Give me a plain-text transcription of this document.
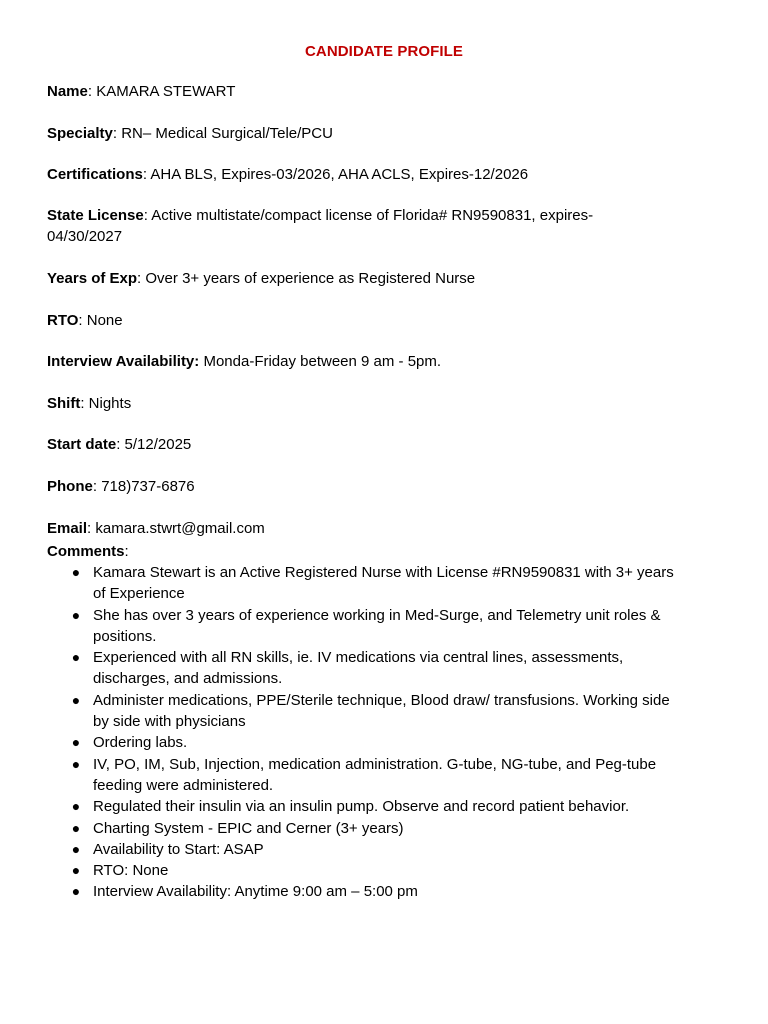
CANDIDATE PROFILE
Name: KAMARA STEWART
Specialty: RN– Medical Surgical/Tele/PCU
Certifications: AHA BLS, Expires-03/2026, AHA ACLS, Expires-12/2026
State License: Active multistate/compact license of Florida# RN9590831, expires-04/30/2027
Years of Exp: Over 3+ years of experience as Registered Nurse
RTO: None
Interview Availability: Monda-Friday between 9 am - 5pm.
Shift: Nights
Start date: 5/12/2025
Phone: 718)737-6876
Email: kamara.stwrt@gmail.com
Comments:
● Kamara Stewart is an Active Registered Nurse with License #RN9590831 with 3+ years of Experience
● She has over 3 years of experience working in Med-Surge, and Telemetry unit roles & positions.
● Experienced with all RN skills, ie. IV medications via central lines, assessments, discharges, and admissions.
● Administer medications, PPE/Sterile technique, Blood draw/ transfusions. Working side by side with physicians
● Ordering labs.
● IV, PO, IM, Sub, Injection, medication administration. G-tube, NG-tube, and Peg-tube feeding were administered.
● Regulated their insulin via an insulin pump. Observe and record patient behavior.
● Charting System - EPIC and Cerner (3+ years)
● Availability to Start: ASAP
● RTO: None
● Interview Availability: Anytime 9:00 am – 5:00 pm
